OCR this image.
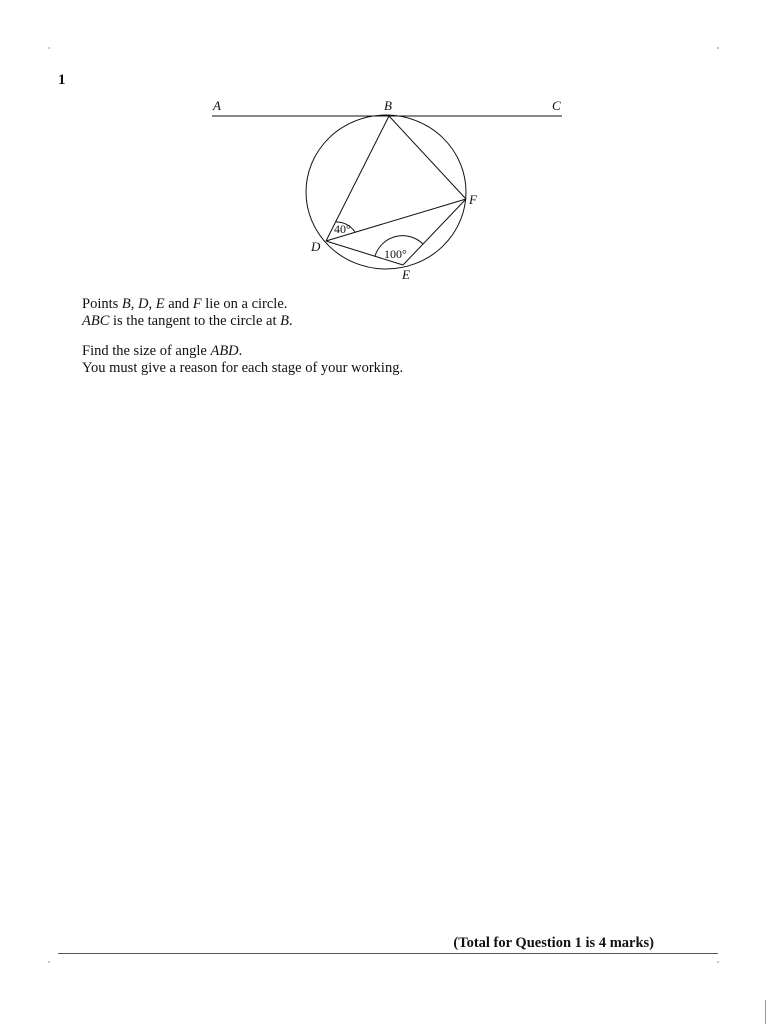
1
A	B	C
D
E
F
40°
100°
Points B, D, E and F lie on a circle.
ABC is the tangent to the circle at B.
Find the size of angle ABD.
You must give a reason for each stage of your working.
(Total for Question 1 is 4 marks)
